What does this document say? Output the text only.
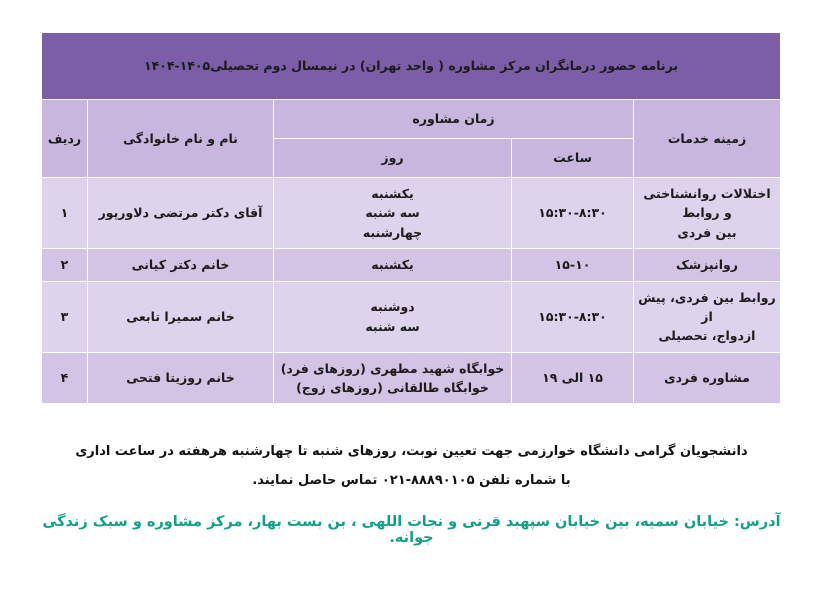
برنامه حضور درمانگران مرکز مشاوره ( واحد تهران) در نیمسال دوم تحصیلی۱۴۰۵-۱۴۰۴				
زمینه خدمات	زمان مشاوره		نام و نام خانوادگی	ردیف
	ساعت	روز		

اختلالات روانشناختی و روابط
بین فردی	۱۵:۳۰-۸:۳۰	یکشنبه
سه شنبه
چهارشنبه	آقای دکتر مرتضی دلاورپور	۱

روانپزشک	۱۵-۱۰	یکشنبه	خانم دکتر کیانی	۲

روابط بین فردی، پیش از
ازدواج، تحصیلی	۱۵:۳۰-۸:۳۰	دوشنبه
سه شنبه	خانم سمیرا تابعی	۳

مشاوره فردی	۱۵ الی ۱۹	خوابگاه شهید مطهری (روزهای فرد)
خوابگاه طالقانی (روزهای زوج)	خانم روزیتا فتحی	۴
دانشجویان گرامی دانشگاه خوارزمی جهت تعیین نوبت، روزهای شنبه تا چهارشنبه هرهفته در ساعت اداری
با شماره تلفن ۰۲۱-۸۸۸۹۰۱۰۵ تماس حاصل نمایند.
آدرس: خیابان سمیه، بین خیابان سپهبد قرنی و نجات اللهی ، بن بست بهار، مرکز مشاوره و سبک زندگی جوانه.
